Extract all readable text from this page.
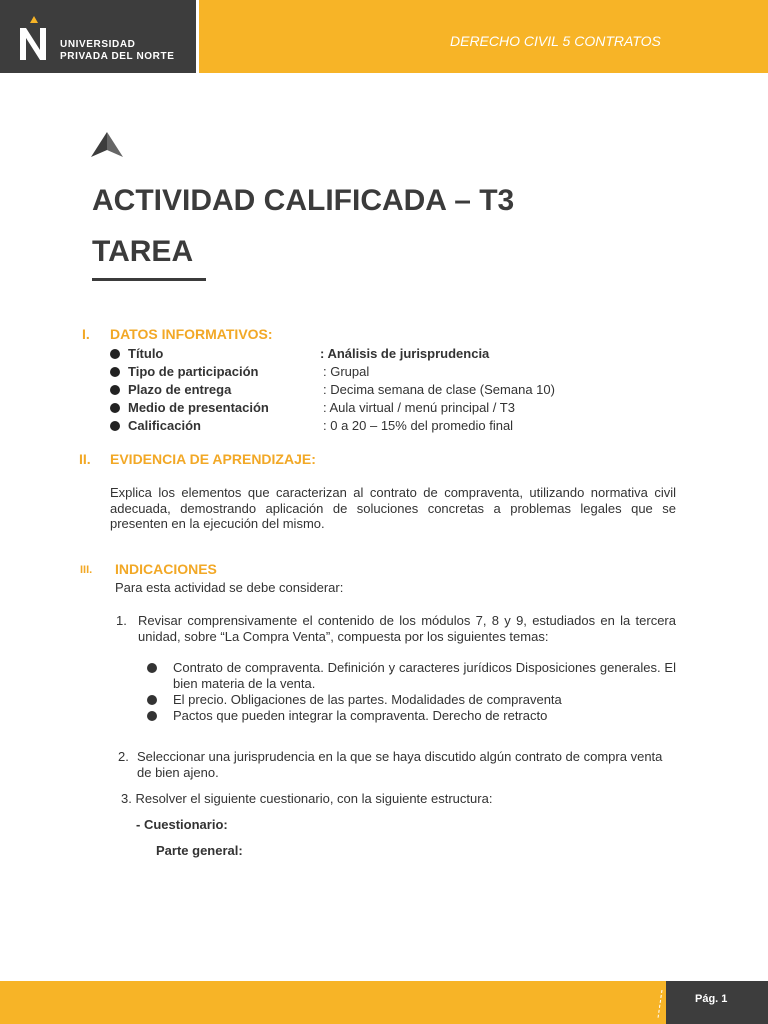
UNIVERSIDAD
PRIVADA DEL NORTE
DERECHO CIVIL 5 CONTRATOS
ACTIVIDAD CALIFICADA – T3
TAREA
I. DATOS INFORMATIVOS:
Título	: Análisis de jurisprudencia
Tipo de participación	: Grupal
Plazo de entrega	: Decima semana de clase (Semana 10)
Medio de presentación	: Aula virtual / menú principal / T3
Calificación	: 0 a 20 – 15% del promedio final
II. EVIDENCIA DE APRENDIZAJE:
Explica los elementos que caracterizan al contrato de compraventa, utilizando normativa civil adecuada, demostrando aplicación de soluciones concretas a problemas legales que se presenten en la ejecución del mismo.
III. INDICACIONES
Para esta actividad se debe considerar:
1. Revisar comprensivamente el contenido de los módulos 7, 8 y 9, estudiados en la tercera unidad, sobre “La Compra Venta”, compuesta por los siguientes temas:
Contrato de compraventa. Definición y caracteres jurídicos Disposiciones generales. El bien materia de la venta.
El precio. Obligaciones de las partes. Modalidades de compraventa
Pactos que pueden integrar la compraventa. Derecho de retracto
2. Seleccionar una jurisprudencia en la que se haya discutido algún contrato de compra venta de bien ajeno.
3. Resolver el siguiente cuestionario, con la siguiente estructura:
- Cuestionario:
Parte general:
Pág. 1
